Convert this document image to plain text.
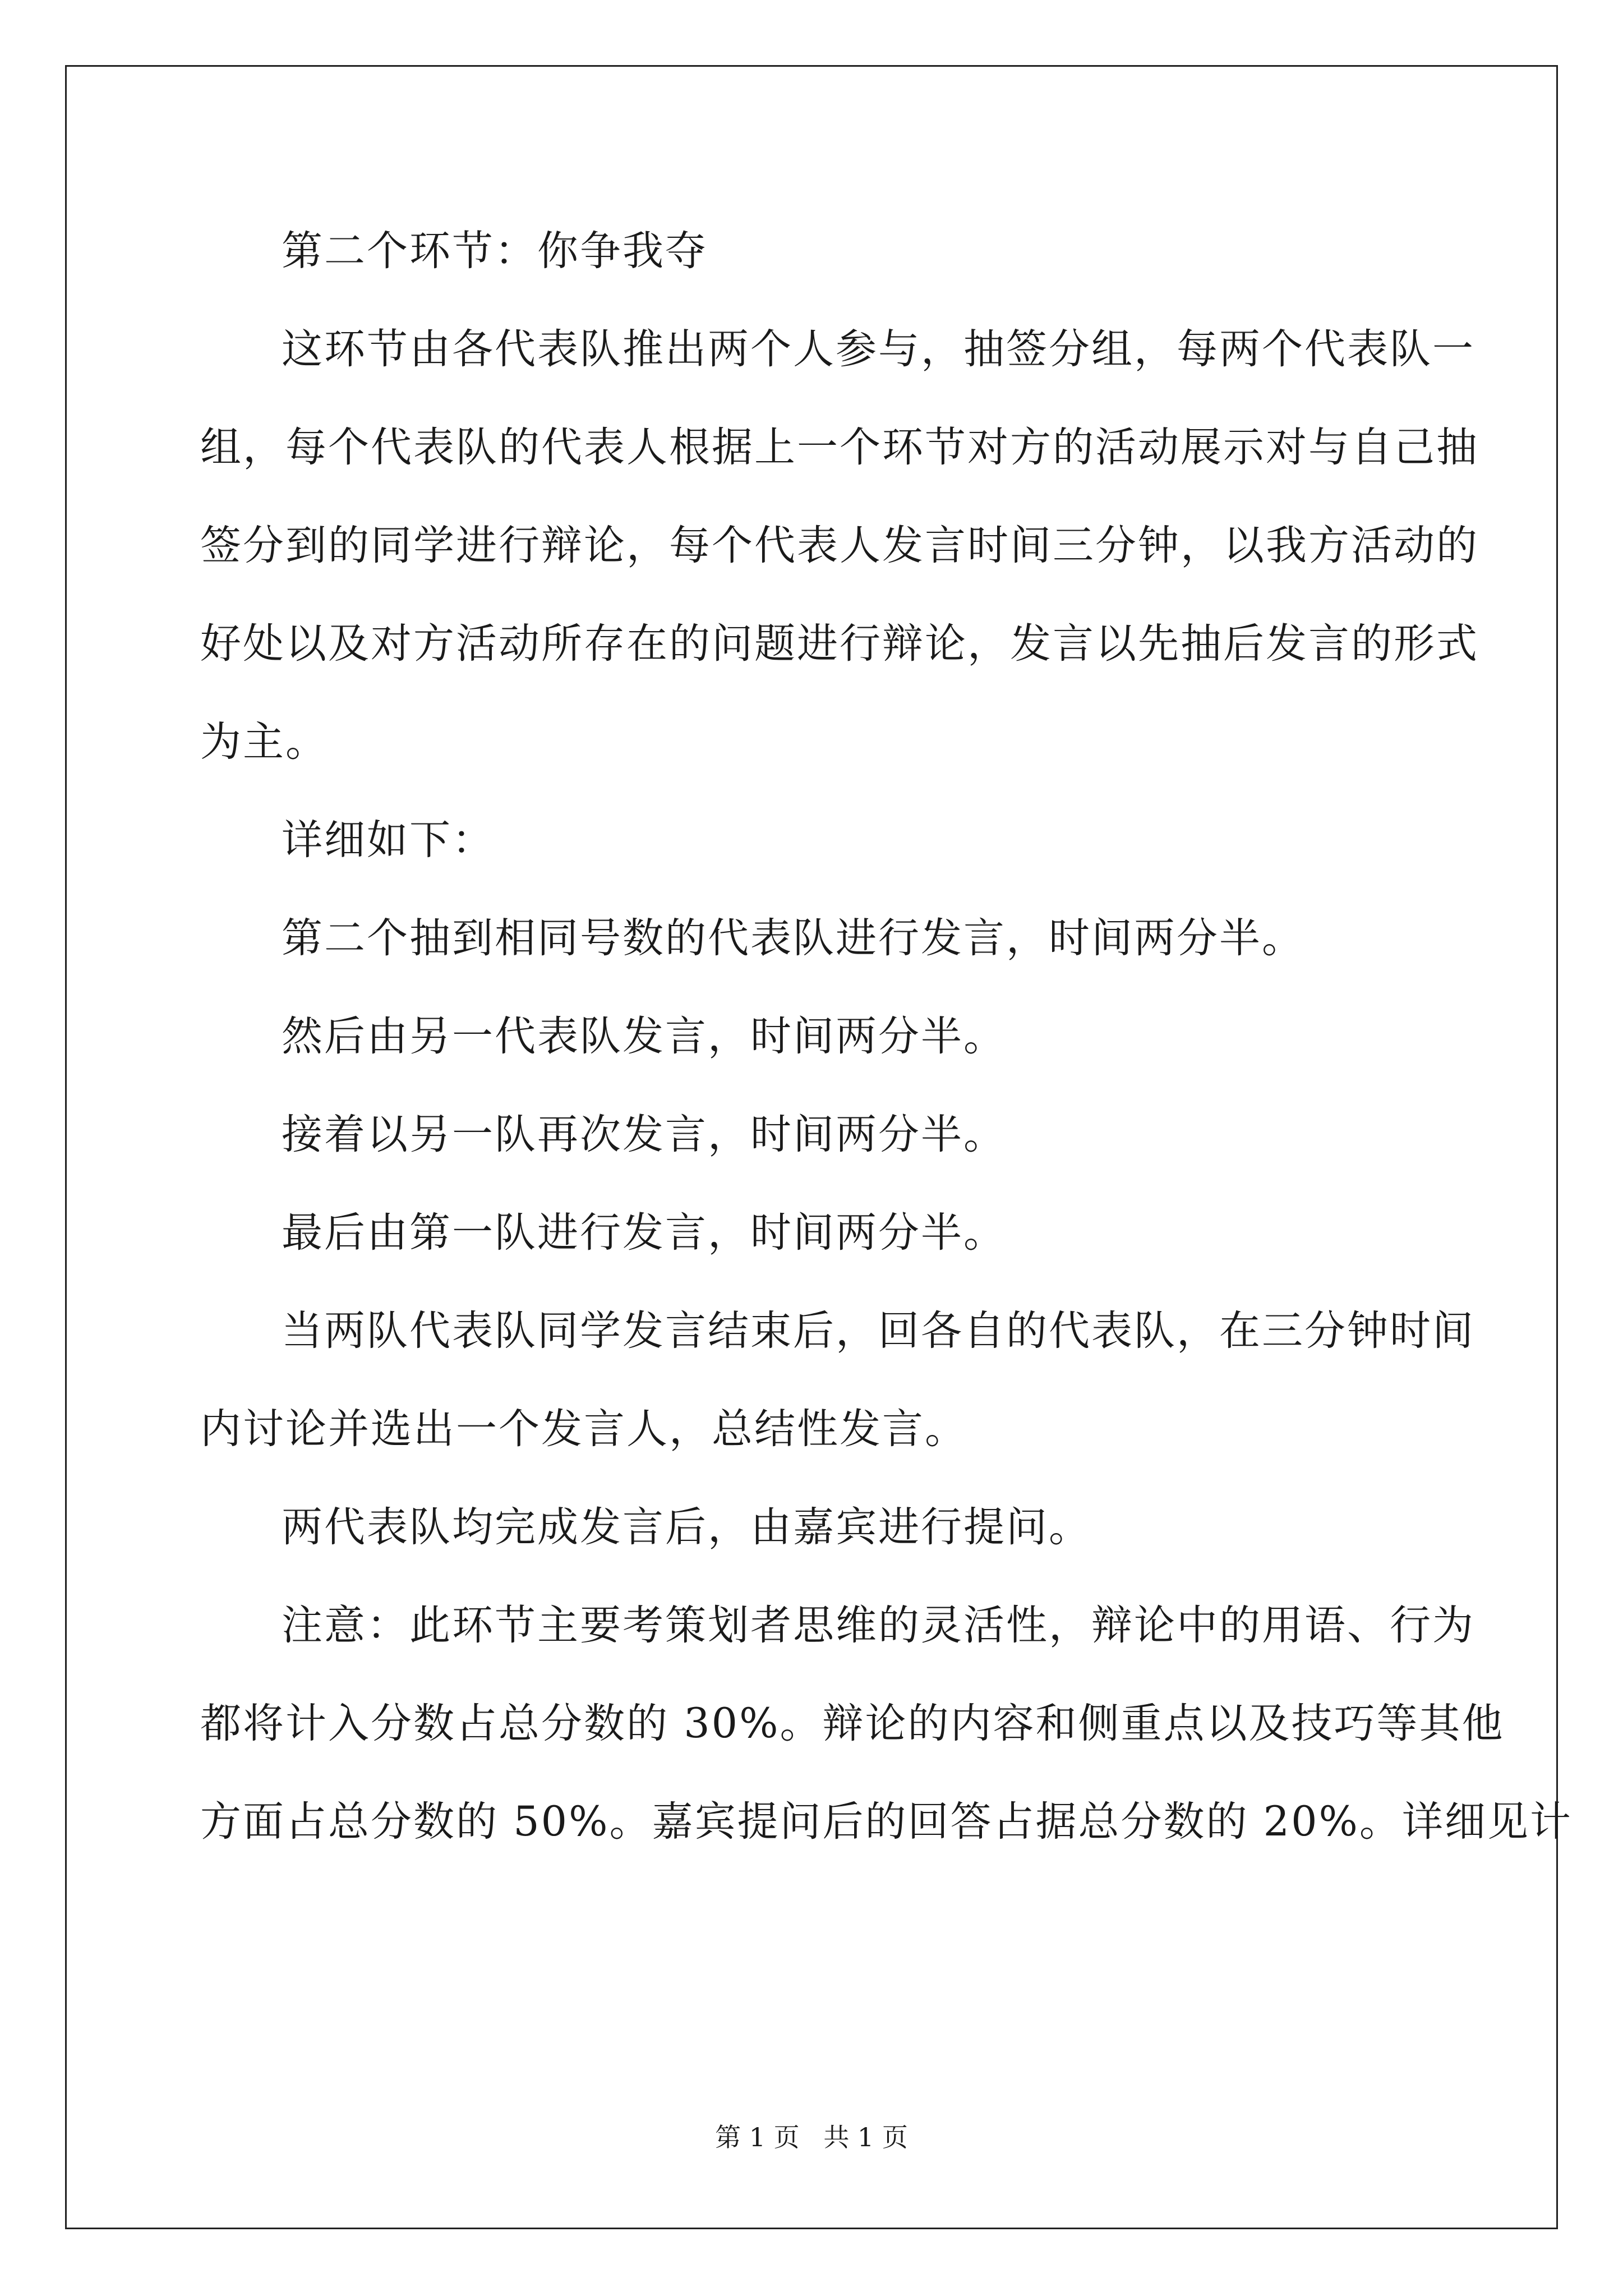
第二个环节：你争我夺
这环节由各代表队推出两个人参与，抽签分组，每两个代表队一
组，每个代表队的代表人根据上一个环节对方的活动展示对与自己抽
签分到的同学进行辩论，每个代表人发言时间三分钟，以我方活动的
好处以及对方活动所存在的问题进行辩论，发言以先抽后发言的形式
为主。
详细如下：
第二个抽到相同号数的代表队进行发言，时间两分半。
然后由另一代表队发言，时间两分半。
接着以另一队再次发言，时间两分半。
最后由第一队进行发言，时间两分半。
当两队代表队同学发言结束后，回各自的代表队，在三分钟时间
内讨论并选出一个发言人，总结性发言。
两代表队均完成发言后，由嘉宾进行提问。
注意：此环节主要考策划者思维的灵活性，辩论中的用语、行为
都将计入分数占总分数的 30%。辩论的内容和侧重点以及技巧等其他
方面占总分数的 50%。嘉宾提问后的回答占据总分数的 20%。详细见计
第 1 页 共 1 页
